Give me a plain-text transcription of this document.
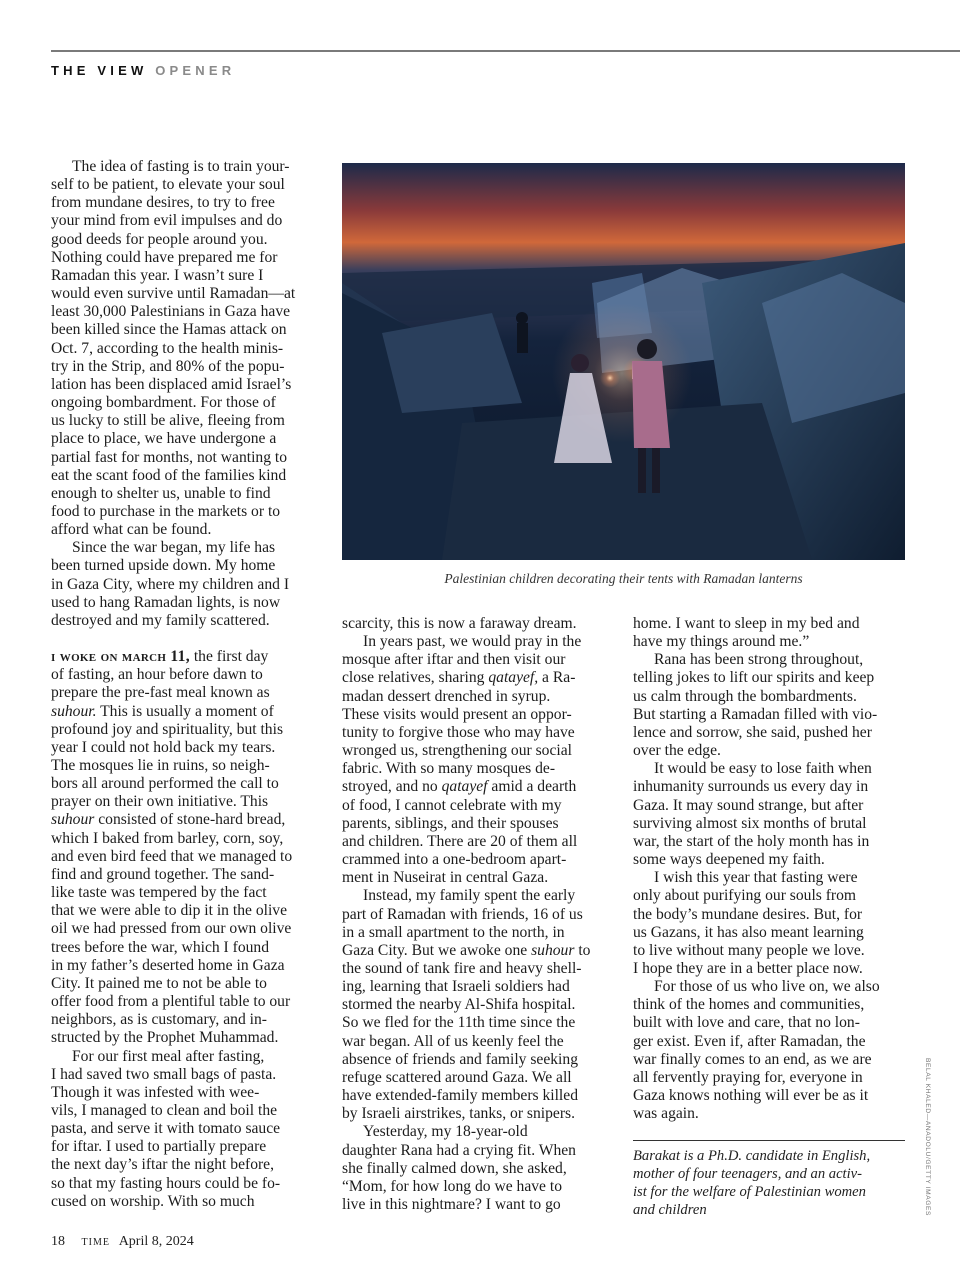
THE VIEW OPENER

The idea of fasting is to train your-
self to be patient, to elevate your soul
from mundane desires, to try to free
your mind from evil impulses and do
good deeds for people around you.
Nothing could have prepared me for
Ramadan this year. I wasn’t sure I
would even survive until Ramadan—at
least 30,000 Palestinians in Gaza have
been killed since the Hamas attack on
Oct. 7, according to the health minis-
try in the Strip, and 80% of the popu-
lation has been displaced amid Israel’s
ongoing bombardment. For those of
us lucky to still be alive, fleeing from
place to place, we have undergone a
partial fast for months, not wanting to
eat the scant food of the families kind
enough to shelter us, unable to find
food to purchase in the markets or to
afford what can be found.

Since the war began, my life has
been turned upside down. My home
in Gaza City, where my children and I
used to hang Ramadan lights, is now
destroyed and my family scattered.

i woke on march 11, the first day
of fasting, an hour before dawn to
prepare the pre-fast meal known as
suhour. This is usually a moment of
profound joy and spirituality, but this
year I could not hold back my tears.
The mosques lie in ruins, so neigh-
bors all around performed the call to
prayer on their own initiative. This
suhour consisted of stone-hard bread,
which I baked from barley, corn, soy,
and even bird feed that we managed to
find and ground together. The sand-
like taste was tempered by the fact
that we were able to dip it in the olive
oil we had pressed from our own olive
trees before the war, which I found
in my father’s deserted home in Gaza
City. It pained me to not be able to
offer food from a plentiful table to our
neighbors, as is customary, and in-
structed by the Prophet Muhammad.

For our first meal after fasting,
I had saved two small bags of pasta.
Though it was infested with wee-
vils, I managed to clean and boil the
pasta, and serve it with tomato sauce
for iftar. I used to partially prepare
the next day’s iftar the night before,
so that my fasting hours could be fo-
cused on worship. With so much

Palestinian children decorating their tents with Ramadan lanterns

scarcity, this is now a faraway dream.

In years past, we would pray in the
mosque after iftar and then visit our
close relatives, sharing qatayef, a Ra-
madan dessert drenched in syrup.
These visits would present an oppor-
tunity to forgive those who may have
wronged us, strengthening our social
fabric. With so many mosques de-
stroyed, and no qatayef amid a dearth
of food, I cannot celebrate with my
parents, siblings, and their spouses
and children. There are 20 of them all
crammed into a one-bedroom apart-
ment in Nuseirat in central Gaza.

Instead, my family spent the early
part of Ramadan with friends, 16 of us
in a small apartment to the north, in
Gaza City. But we awoke one suhour to
the sound of tank fire and heavy shell-
ing, learning that Israeli soldiers had
stormed the nearby Al-Shifa hospital.
So we fled for the 11th time since the
war began. All of us keenly feel the
absence of friends and family seeking
refuge scattered around Gaza. We all
have extended-family members killed
by Israeli airstrikes, tanks, or snipers.

Yesterday, my 18-year-old
daughter Rana had a crying fit. When
she finally calmed down, she asked,
“Mom, for how long do we have to
live in this nightmare? I want to go

home. I want to sleep in my bed and
have my things around me.”

Rana has been strong throughout,
telling jokes to lift our spirits and keep
us calm through the bombardments.
But starting a Ramadan filled with vio-
lence and sorrow, she said, pushed her
over the edge.

It would be easy to lose faith when
inhumanity surrounds us every day in
Gaza. It may sound strange, but after
surviving almost six months of brutal
war, the start of the holy month has in
some ways deepened my faith.

I wish this year that fasting were
only about purifying our souls from
the body’s mundane desires. But, for
us Gazans, it has also meant learning
to live without many people we love.
I hope they are in a better place now.

For those of us who live on, we also
think of the homes and communities,
built with love and care, that no lon-
ger exist. Even if, after Ramadan, the
war finally comes to an end, as we are
all fervently praying for, everyone in
Gaza knows nothing will ever be as it
was again.

Barakat is a Ph.D. candidate in English,
mother of four teenagers, and an activ-
ist for the welfare of Palestinian women
and children	BELAL KHALED—ANADOLU/GETTY IMAGES
18 time April 8, 2024
